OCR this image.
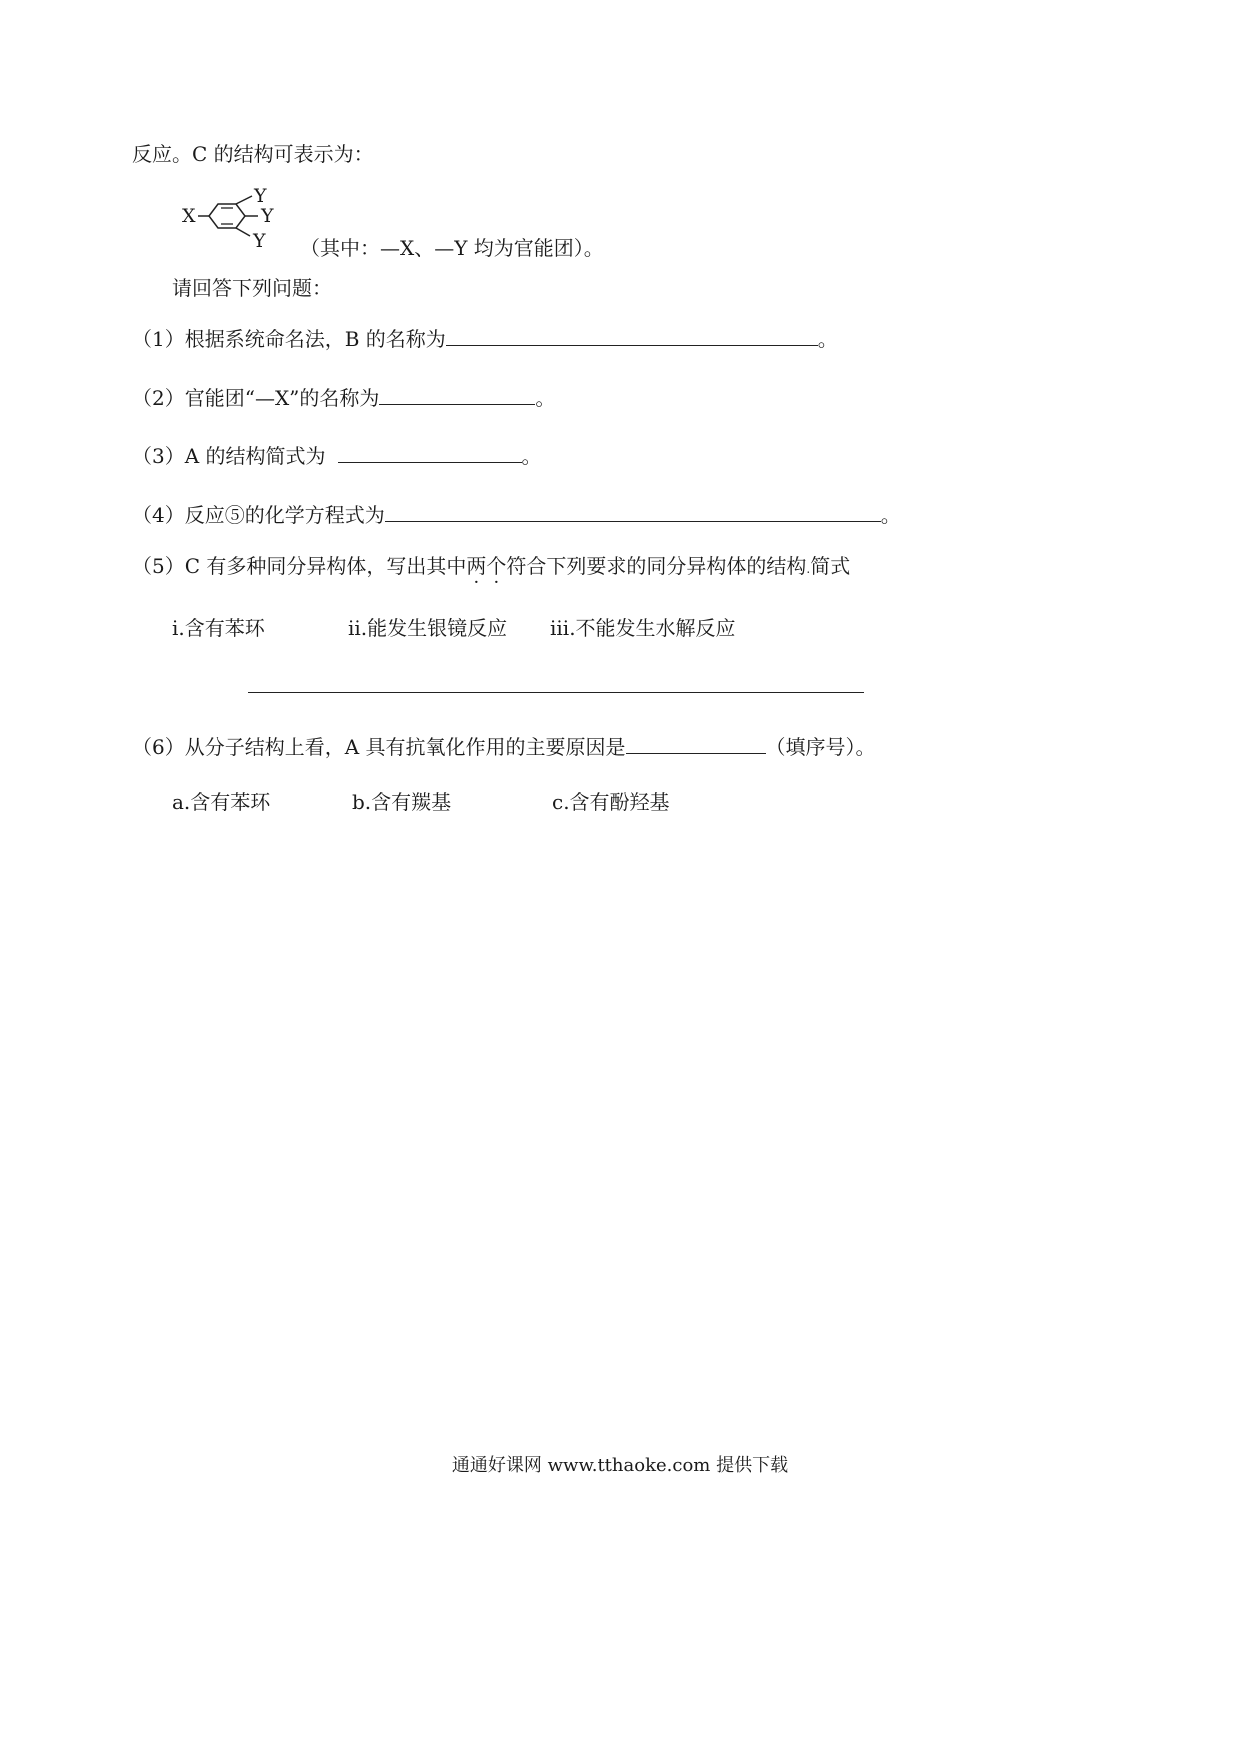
反应。C 的结构可表示为：
X
Y
Y
Y （其中：—X、—Y 均为官能团）。
请回答下列问题：
（1）根据系统命名法，B 的名称为	。
（2）官能团“—X”的名称为	。
（3）A 的结构简式为	。
（4）反应⑤的化学方程式为	。
（5）C 有多种同分异构体，写出其中两个符合下列要求的同分异构体的结构.简式
i.含有苯环	ii.能发生银镜反应 iii.不能发生水解反应
（6）从分子结构上看，A 具有抗氧化作用的主要原因是	（填序号）。
a.含有苯环	b.含有羰基	c.含有酚羟基
通通好课网 www.tthaoke.com 提供下载
